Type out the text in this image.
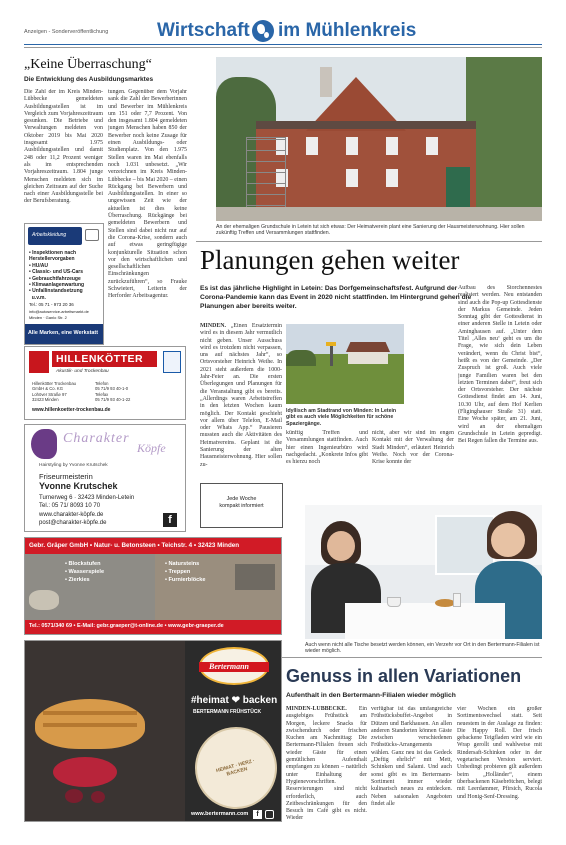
Anzeigen - Sonderveröffentlichung	Wirtschaft im Mühlenkreis
„Keine Überraschung“
Die Entwicklung des Ausbildungsmarktes
Die Zahl der im Kreis Minden-Lübbecke gemeldeten Ausbildungsstellen ist im Vergleich zum Vorjahreszeitraum gesunken. Die Betriebe und Verwaltungen meldeten von Oktober 2019 bis Mai 2020 insgesamt 1.975 Ausbildungsstellen und damit 248 oder 11,2 Prozent weniger als im entsprechenden Vorjahreszeitraum. 1.804 junge Menschen meldeten sich im gleichen Zeitraum auf der Suche nach einer Ausbildungsstelle bei der Berufsberatung.
tungen. Gegenüber dem Vorjahr sank die Zahl der Bewerberinnen und Bewerber im Mühlenkreis um 151 oder 7,7 Prozent. Von den insgesamt 1.804 gemeldeten jungen Menschen haben 850 der Bewerber noch keine Zusage für einen Ausbildungs- oder Studienplatz. Von den 1.975 Stellen waren im Mai ebenfalls noch 1.031 unbesetzt. „Wir verzeichnen im Kreis Minden-Lübbecke – bis Mai 2020 – einen Rückgang bei Bewerbern und Ausbildungsstellen. In einer so ungewissen Zeit wie der aktuellen ist dies keine Überraschung. Rückgänge bei gemeldeten Bewerbern und Stellen sind dabei nicht nur auf die Corona-Krise, sondern auch auf etwas geringfügige konjunkturelle Situation schon vor den wirtschaftlichen und gesellschaftlichen Einschränkungen zurückzuführen“, so Frauke Schwietert, Leiterin der Herforder Arbeitsagentur.
Arbeitskleidung
• Inspektionen nach Herstellervorgaben
• HU/AU
• Classic- und US-Cars
• Gebrauchtfahrzeuge
• Klimaanlagenwartung
• Unfallinstandsetzung
u.v.m.
Tel.: 05 71 - 973 20 36
info@autoservice-arbeitsmarkt.de
Minden · Ganlo Str. 2
Alle Marken, eine Werkstatt
An der ehemaligen Grundschule in Letein tut sich etwas: Der Heimatverein plant eine Sanierung der Hausmeisterwohnung. Hier sollen zukünftig Treffen und Versammlungen stattfinden.
Planungen gehen weiter
Es ist das jährliche Highlight in Letein: Das Dorfgemeinschaftsfest. Aufgrund der Corona-Pandemie kann das Event in 2020 nicht stattfinden. Im Hintergrund gehen die Planungen aber bereits weiter.
MINDEN. „Einen Ersatztermin wird es in diesem Jahr vermutlich nicht geben. Unser Ausschuss wird es trotzdem nicht verpassen, uns auf nächstes Jahr“, so Ortsvorsteher Heinrich Weihe. In 2021 steht außerdem die 1000-Jahr-Feier an. Die ersten Überlegungen und Planungen für die Veranstaltung gibt es bereits. „Allerdings waren Arbeitstreffen in den letzten Wochen kaum möglich. Der Kontakt geschieht vor allem über Telefon, E-Mail oder Whats App.“ Pausieren mussten auch die Aktivitäten des Heimatvereins. Geplant ist die Sanierung der alten Hausmeisterwohnung. Hier sollen zu-
Idyllisch am Stadtrand von Minden: In Letein gibt es auch viele Möglichkeiten für schöne Spaziergänge.
künftig Treffen und Versammlungen stattfinden. Auch hier einen Ingenieurbüro wird nachgedacht. „Konkrete Infos gibt es hierzu noch
nicht, aber wir sind im engen Kontakt mit der Verwaltung der Stadt Minden“, erläutert Heinrich Weihe. Noch vor der Corona-Krise konnte der
Aufbau des Storchennestes realisiert werden. Neu entstanden sind auch die Pop-up Gottesdienste der Markus Gemeinde. Jeden Sonntag gibt der Gottesdienst in einer anderen Stelle in Letein oder Aminghausen auf. „Unter dem Titel ‚Alles neu‘ geht es um die Frage, wie sich dein Leben verändert, wenn du Christ bist“, heißt es von der Gemeinde. „Der Zuspruch ist groß. Auch viele junge Familien waren bei den letzten Terminen dabei“, freut sich der Ortsvorsteher. Der nächste Gottesdienst findet am 14. Juni, 10.30 Uhr, auf dem Hof Kerlien (Fliginghauser Straße 31) statt. Eine Woche später, am 21. Juni, wird an der ehemaligen Grundschule in Letein gepredigt. Bei Regen fallen die Termine aus.
Jede Woche
kompakt informiert
Auch wenn nicht alle Tische besetzt werden können, ein Verzehr vor Ort in den Bertermann-Filialen ist wieder möglich.
Genuss in allen Variationen
Aufenthalt in den Bertermann-Filialen wieder möglich
MINDEN-LÜBBECKE. Ein ausgiebiges Frühstück am Morgen, leckere Snacks für zwischendurch oder frischen Kuchen am Nachmittag: Die Bertermann-Filialen freuen sich wieder Gäste für einen gemütlichen Aufenthalt empfangen zu können – natürlich unter Einhaltung der Hygienevorschriften. Reservierungen sind nicht erforderlich, auch Zeitbeschränkungen für den Besuch im Café gibt es nicht. Wieder
verfügbar ist das umfangreiche Frühstücksbuffet-Angebot in Dützen und Barkhausen. An allen anderen Standorten können Gäste zwischen verschiedenen Frühstücks-Arrangements wählen. Ganz neu ist das Gedeck „Deftig ehrlich“ mit Mett, Schinken und Salami. Und auch sonst gibt es im Bertermann-Sortiment immer wieder kulinarisch neues zu entdecken. Neben saisonalen Angeboten findet alle
vier Wochen ein großer Sortimentswechsel statt. Seit neuestem in der Auslage zu finden: Die Happy Roll. Der frisch gebackene Teigfladen wird wie ein Wrap gerollt und wahlweise mit Rindersaft-Schinken oder in der vegetarischen Version serviert. Unbedingt probieren gilt außerdem beim „Holländer“, einem überbackenen Käsebrötchen, belegt mit Leerdammer, Pfirsich, Rucola und Honig-Senf-Dressing.
HILLENKÖTTER
Akustik- und Trockenbau
Hillenkötter Trockenbau
GmbH & Co. KG
Lohöver Straße 97
32423 Minden
Telefon
05 71/9 93 40-1-0
Telefax
05 71/9 93 40-1-22
www.hillenkoetter-trockenbau.de
Charakter
Köpfe
Hairstyling by Yvonne Krutschek
Friseurmeisterin
Yvonne Krutschek
Turnerweg 6 · 32423 Minden-Letein
Tel.: 05 71/ 8093 10 70
www.charakter-köpfe.de
post@charakter-köpfe.de	f
Gebr. Gräper GmbH • Natur- u. Betonsteen • Teichstr. 4 • 32423 Minden
• Blockstufen
• Wasserspiele
• Zierkies
• Natursteins
• Treppen
• Furnierblöcke
Tel.: 0571/340 69 • E-Mail: gebr.graeper@t-online.de • www.gebr-graeper.de
Bertermann
#heimat ❤ backen
BERTERMANN FRÜHSTÜCK
HEIMAT · HERZ · BACKEN
www.bertermann.com	f
